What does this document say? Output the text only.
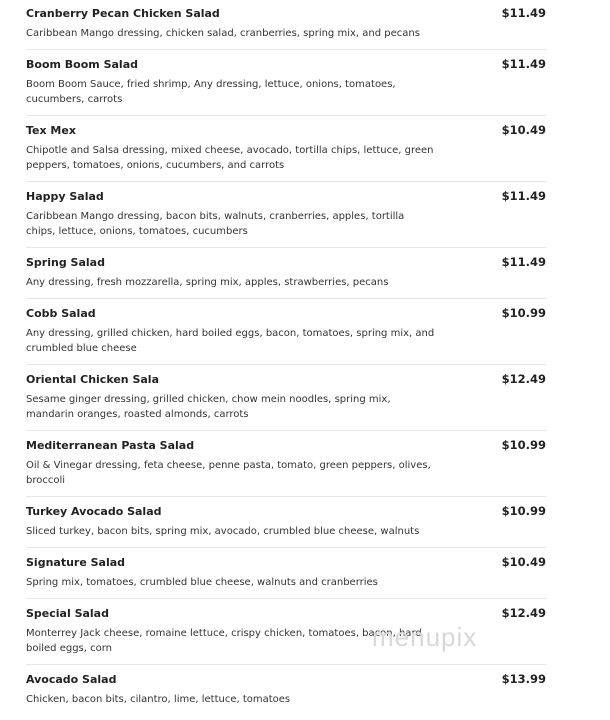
Cranberry Pecan Chicken Salad	$11.49
Caribbean Mango dressing, chicken salad, cranberries, spring mix, and pecans
Boom Boom Salad	$11.49
Boom Boom Sauce, fried shrimp, Any dressing, lettuce, onions, tomatoes,
cucumbers, carrots
Tex Mex	$10.49
Chipotle and Salsa dressing, mixed cheese, avocado, tortilla chips, lettuce, green
peppers, tomatoes, onions, cucumbers, and carrots
Happy Salad	$11.49
Caribbean Mango dressing, bacon bits, walnuts, cranberries, apples, tortilla
chips, lettuce, onions, tomatoes, cucumbers
Spring Salad	$11.49
Any dressing, fresh mozzarella, spring mix, apples, strawberries, pecans
Cobb Salad	$10.99
Any dressing, grilled chicken, hard boiled eggs, bacon, tomatoes, spring mix, and
crumbled blue cheese
Oriental Chicken Sala	$12.49
Sesame ginger dressing, grilled chicken, chow mein noodles, spring mix,
mandarin oranges, roasted almonds, carrots
Mediterranean Pasta Salad	$10.99
Oil & Vinegar dressing, feta cheese, penne pasta, tomato, green peppers, olives,
broccoli
Turkey Avocado Salad	$10.99
Sliced turkey, bacon bits, spring mix, avocado, crumbled blue cheese, walnuts
Signature Salad	$10.49
Spring mix, tomatoes, crumbled blue cheese, walnuts and cranberries
Special Salad	$12.49
Monterrey Jack cheese, romaine lettuce, crispy chicken, tomatoes, bacon, hard
boiled eggs, corn
Avocado Salad	$13.99
Chicken, bacon bits, cilantro, lime, lettuce, tomatoes
menupix
